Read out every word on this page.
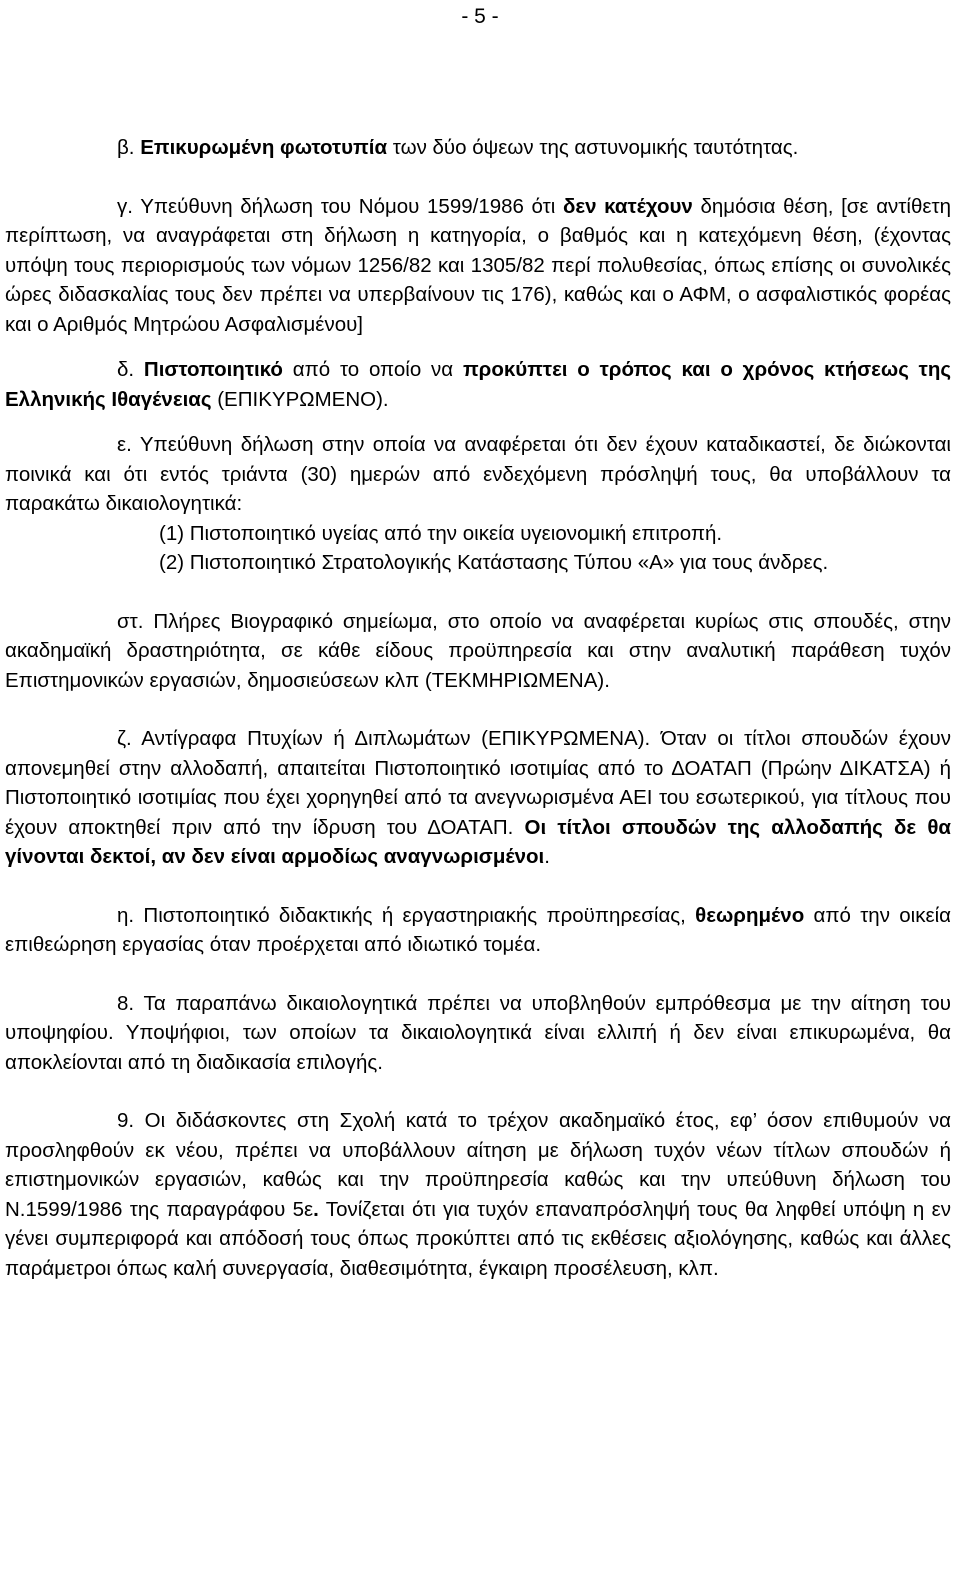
- 5 -

β. Επικυρωμένη φωτοτυπία των δύο όψεων της αστυνομικής ταυτότητας.

γ. Υπεύθυνη δήλωση του Νόμου 1599/1986 ότι δεν κατέχουν δημόσια θέση, [σε αντίθετη περίπτωση, να αναγράφεται στη δήλωση η κατηγορία, ο βαθμός και η κατεχόμενη θέση, (έχοντας υπόψη τους περιορισμούς των νόμων 1256/82 και 1305/82 περί πολυθεσίας, όπως επίσης οι συνολικές ώρες διδασκαλίας τους δεν πρέπει να υπερβαίνουν τις 176), καθώς και ο ΑΦΜ, ο ασφαλιστικός φορέας και ο Αριθμός Μητρώου Ασφαλισμένου]

δ. Πιστοποιητικό από το οποίο να προκύπτει ο τρόπος και ο χρόνος κτήσεως της Ελληνικής Ιθαγένειας (ΕΠΙΚΥΡΩΜΕΝΟ).

ε. Υπεύθυνη δήλωση στην οποία να αναφέρεται ότι δεν έχουν καταδικαστεί, δε διώκονται ποινικά και ότι εντός τριάντα (30) ημερών από ενδεχόμενη πρόσληψή τους, θα υποβάλλουν τα παρακάτω δικαιολογητικά:

(1) Πιστοποιητικό υγείας από την οικεία υγειονομική επιτροπή.

(2) Πιστοποιητικό Στρατολογικής Κατάστασης Τύπου «Α» για τους άνδρες.

στ. Πλήρες Βιογραφικό σημείωμα, στο οποίο να αναφέρεται κυρίως στις σπουδές, στην ακαδημαϊκή δραστηριότητα, σε κάθε είδους προϋπηρεσία και στην αναλυτική παράθεση τυχόν Επιστημονικών εργασιών, δημοσιεύσεων κλπ (ΤΕΚΜΗΡΙΩΜΕΝΑ).

ζ. Αντίγραφα Πτυχίων ή Διπλωμάτων (ΕΠΙΚΥΡΩΜΕΝΑ). Όταν οι τίτλοι σπουδών έχουν απονεμηθεί στην αλλοδαπή, απαιτείται Πιστοποιητικό ισοτιμίας από το ΔΟΑΤΑΠ (Πρώην ΔΙΚΑΤΣΑ) ή Πιστοποιητικό ισοτιμίας που έχει χορηγηθεί από τα ανεγνωρισμένα ΑΕΙ του εσωτερικού, για τίτλους που έχουν αποκτηθεί πριν από την ίδρυση του ΔΟΑΤΑΠ. Οι τίτλοι σπουδών της αλλοδαπής δε θα γίνονται δεκτοί, αν δεν είναι αρμοδίως αναγνωρισμένοι.

η. Πιστοποιητικό διδακτικής ή εργαστηριακής προϋπηρεσίας, θεωρημένο από την οικεία επιθεώρηση εργασίας όταν προέρχεται από ιδιωτικό τομέα.

8. Τα παραπάνω δικαιολογητικά πρέπει να υποβληθούν εμπρόθεσμα με την αίτηση του υποψηφίου. Υποψήφιοι, των οποίων τα δικαιολογητικά είναι ελλιπή ή δεν είναι επικυρωμένα, θα αποκλείονται από τη διαδικασία επιλογής.

9. Οι διδάσκοντες στη Σχολή κατά το τρέχον ακαδημαϊκό έτος, εφ’ όσον επιθυμούν να προσληφθούν εκ νέου, πρέπει να υποβάλλουν αίτηση με δήλωση τυχόν νέων τίτλων σπουδών ή επιστημονικών εργασιών, καθώς και την προϋπηρεσία καθώς και την υπεύθυνη δήλωση του Ν.1599/1986 της παραγράφου 5ε. Τονίζεται ότι για τυχόν επαναπρόσληψή τους θα ληφθεί υπόψη η εν γένει συμπεριφορά και απόδοσή τους όπως προκύπτει από τις εκθέσεις αξιολόγησης, καθώς και άλλες παράμετροι όπως καλή συνεργασία, διαθεσιμότητα, έγκαιρη προσέλευση, κλπ.
